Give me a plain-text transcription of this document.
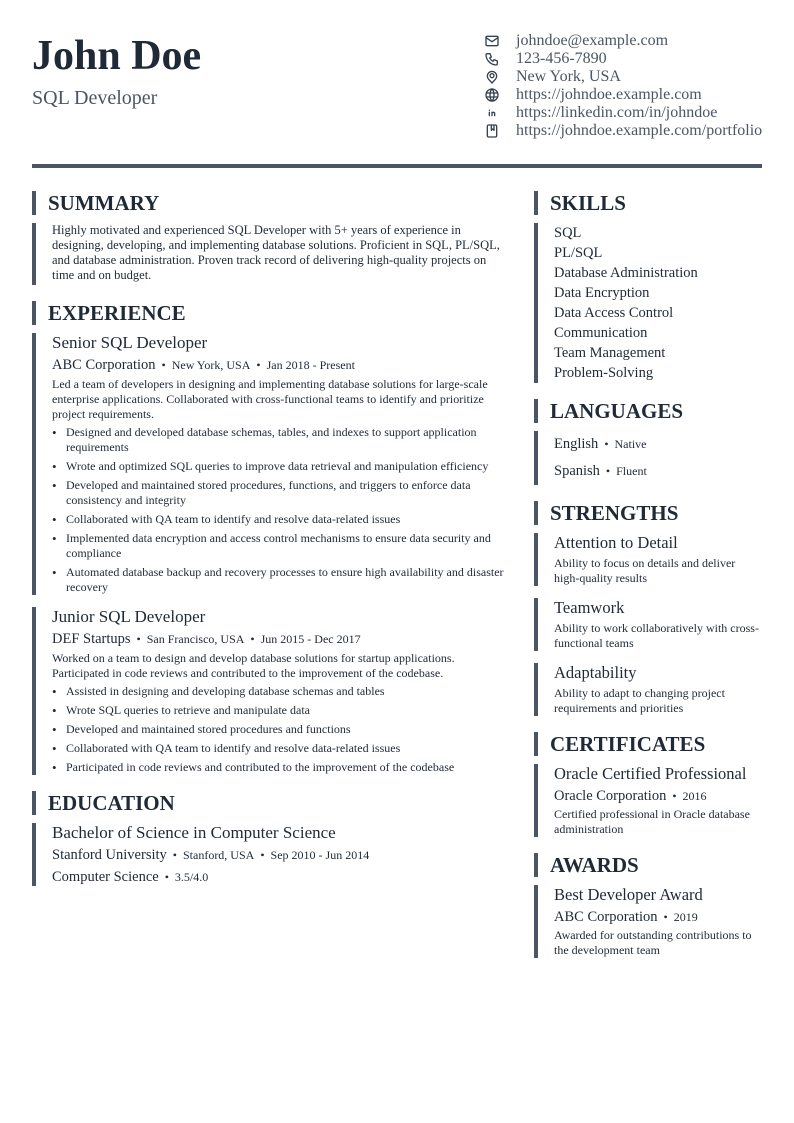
John Doe
SQL Developer
johndoe@example.com
123-456-7890
New York, USA
https://johndoe.example.com
https://linkedin.com/in/johndoe
https://johndoe.example.com/portfolio
SUMMARY
Highly motivated and experienced SQL Developer with 5+ years of experience in designing, developing, and implementing database solutions. Proficient in SQL, PL/SQL, and database administration. Proven track record of delivering high-quality projects on time and on budget.
EXPERIENCE
Senior SQL Developer
ABC Corporation • New York, USA • Jan 2018 - Present
Led a team of developers in designing and implementing database solutions for large-scale enterprise applications. Collaborated with cross-functional teams to identify and prioritize project requirements.
• Designed and developed database schemas, tables, and indexes to support application requirements
• Wrote and optimized SQL queries to improve data retrieval and manipulation efficiency
• Developed and maintained stored procedures, functions, and triggers to enforce data consistency and integrity
• Collaborated with QA team to identify and resolve data-related issues
• Implemented data encryption and access control mechanisms to ensure data security and compliance
• Automated database backup and recovery processes to ensure high availability and disaster recovery
Junior SQL Developer
DEF Startups • San Francisco, USA • Jun 2015 - Dec 2017
Worked on a team to design and develop database solutions for startup applications. Participated in code reviews and contributed to the improvement of the codebase.
• Assisted in designing and developing database schemas and tables
• Wrote SQL queries to retrieve and manipulate data
• Developed and maintained stored procedures and functions
• Collaborated with QA team to identify and resolve data-related issues
• Participated in code reviews and contributed to the improvement of the codebase
EDUCATION
Bachelor of Science in Computer Science
Stanford University • Stanford, USA • Sep 2010 - Jun 2014
Computer Science • 3.5/4.0
SKILLS
SQL
PL/SQL
Database Administration
Data Encryption
Data Access Control
Communication
Team Management
Problem-Solving
LANGUAGES
English • Native
Spanish • Fluent
STRENGTHS
Attention to Detail
Ability to focus on details and deliver high-quality results
Teamwork
Ability to work collaboratively with cross-functional teams
Adaptability
Ability to adapt to changing project requirements and priorities
CERTIFICATES
Oracle Certified Professional
Oracle Corporation • 2016
Certified professional in Oracle database administration
AWARDS
Best Developer Award
ABC Corporation • 2019
Awarded for outstanding contributions to the development team
